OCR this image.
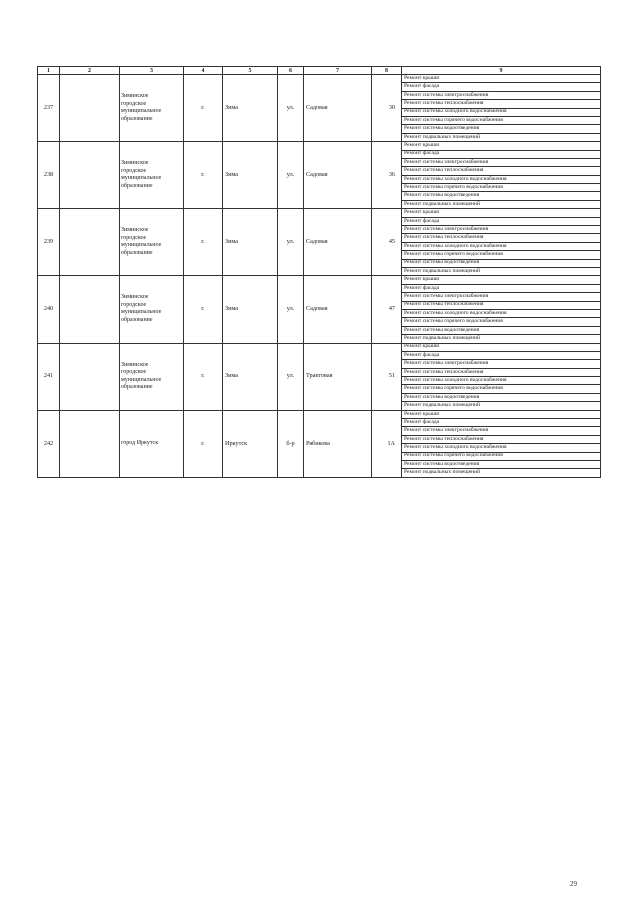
1	2	3	4	5	6	7	8	9
237		Зиминское
городское
муниципальное
образование	г.	Зима	ул.	Садовая	30	Ремонт крыши
								Ремонт фасада
								Ремонт системы электроснабжения
								Ремонт системы теплоснабжения
								Ремонт системы холодного водоснабжения
								Ремонт системы горячего водоснабжения
								Ремонт системы водоотведения
								Ремонт подвальных помещений
238		Зиминское
городское
муниципальное
образование	г.	Зима	ул.	Садовая	36	Ремонт крыши
								Ремонт фасада
								Ремонт системы электроснабжения
								Ремонт системы теплоснабжения
								Ремонт системы холодного водоснабжения
								Ремонт системы горячего водоснабжения
								Ремонт системы водоотведения
								Ремонт подвальных помещений
239		Зиминское
городское
муниципальное
образование	г.	Зима	ул.	Садовая	45	Ремонт крыши
								Ремонт фасада
								Ремонт системы электроснабжения
								Ремонт системы теплоснабжения
								Ремонт системы холодного водоснабжения
								Ремонт системы горячего водоснабжения
								Ремонт системы водоотведения
								Ремонт подвальных помещений
240		Зиминское
городское
муниципальное
образование	г.	Зима	ул.	Садовая	47	Ремонт крыши
								Ремонт фасада
								Ремонт системы электроснабжения
								Ремонт системы теплоснабжения
								Ремонт системы холодного водоснабжения
								Ремонт системы горячего водоснабжения
								Ремонт системы водоотведения
								Ремонт подвальных помещений
241		Зиминское
городское
муниципальное
образование	г.	Зима	ул.	Трактовая	51	Ремонт крыши
								Ремонт фасада
								Ремонт системы электроснабжения
								Ремонт системы теплоснабжения
								Ремонт системы холодного водоснабжения
								Ремонт системы горячего водоснабжения
								Ремонт системы водоотведения
								Ремонт подвальных помещений
242		город Иркутск	г.	Иркутск	б-р	Рябикова	1А	Ремонт крыши
								Ремонт фасада
								Ремонт системы электроснабжения
								Ремонт системы теплоснабжения
								Ремонт системы холодного водоснабжения
								Ремонт системы горячего водоснабжения
								Ремонт системы водоотведения
								Ремонт подвальных помещений
29
